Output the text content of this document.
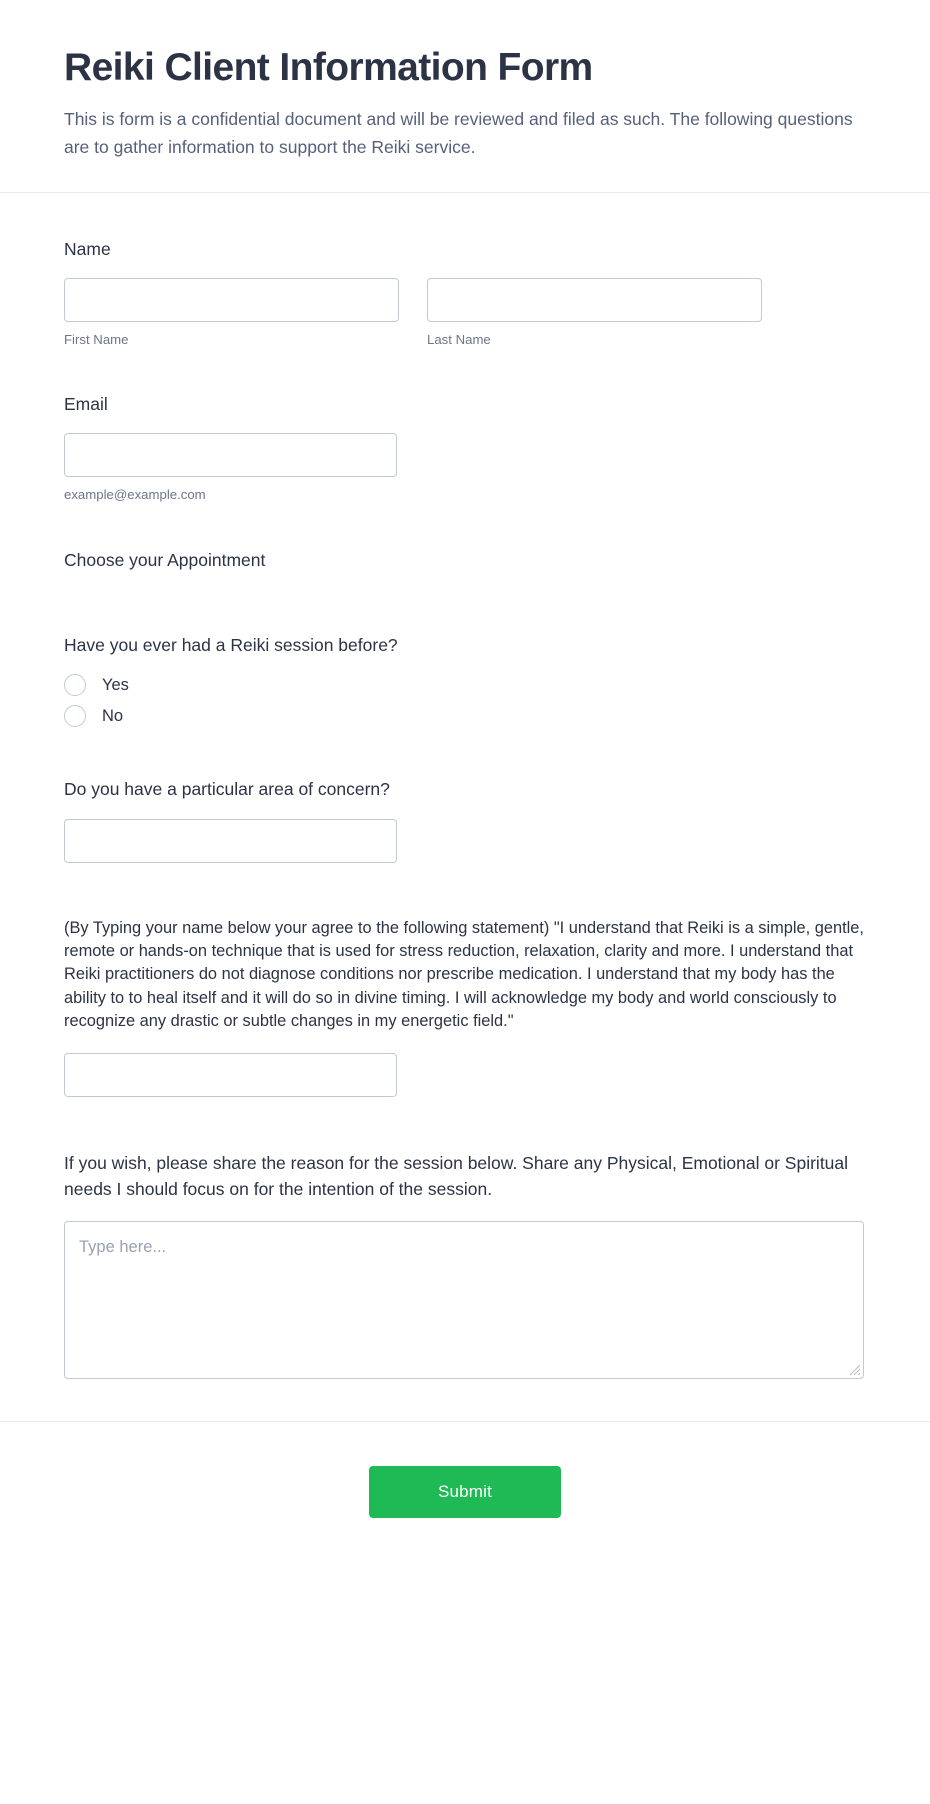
Reiki Client Information Form

This is form is a confidential document and will be reviewed and filed as such. The following questions are to gather information to support the Reiki service.

Name
First Name	Last Name
Email
example@example.com
Choose your Appointment
Have you ever had a Reiki session before?
Yes
No
Do you have a particular area of concern?

(By Typing your name below your agree to the following statement) "I understand that Reiki is a simple, gentle, remote or hands-on technique that is used for stress reduction, relaxation, clarity and more. I understand that Reiki practitioners do not diagnose conditions nor prescribe medication. I understand that my body has the ability to to heal itself and it will do so in divine timing. I will acknowledge my body and world consciously to recognize any drastic or subtle changes in my energetic field."

If you wish, please share the reason for the session below. Share any Physical, Emotional or Spiritual needs I should focus on for the intention of the session.
Type here...
Submit
